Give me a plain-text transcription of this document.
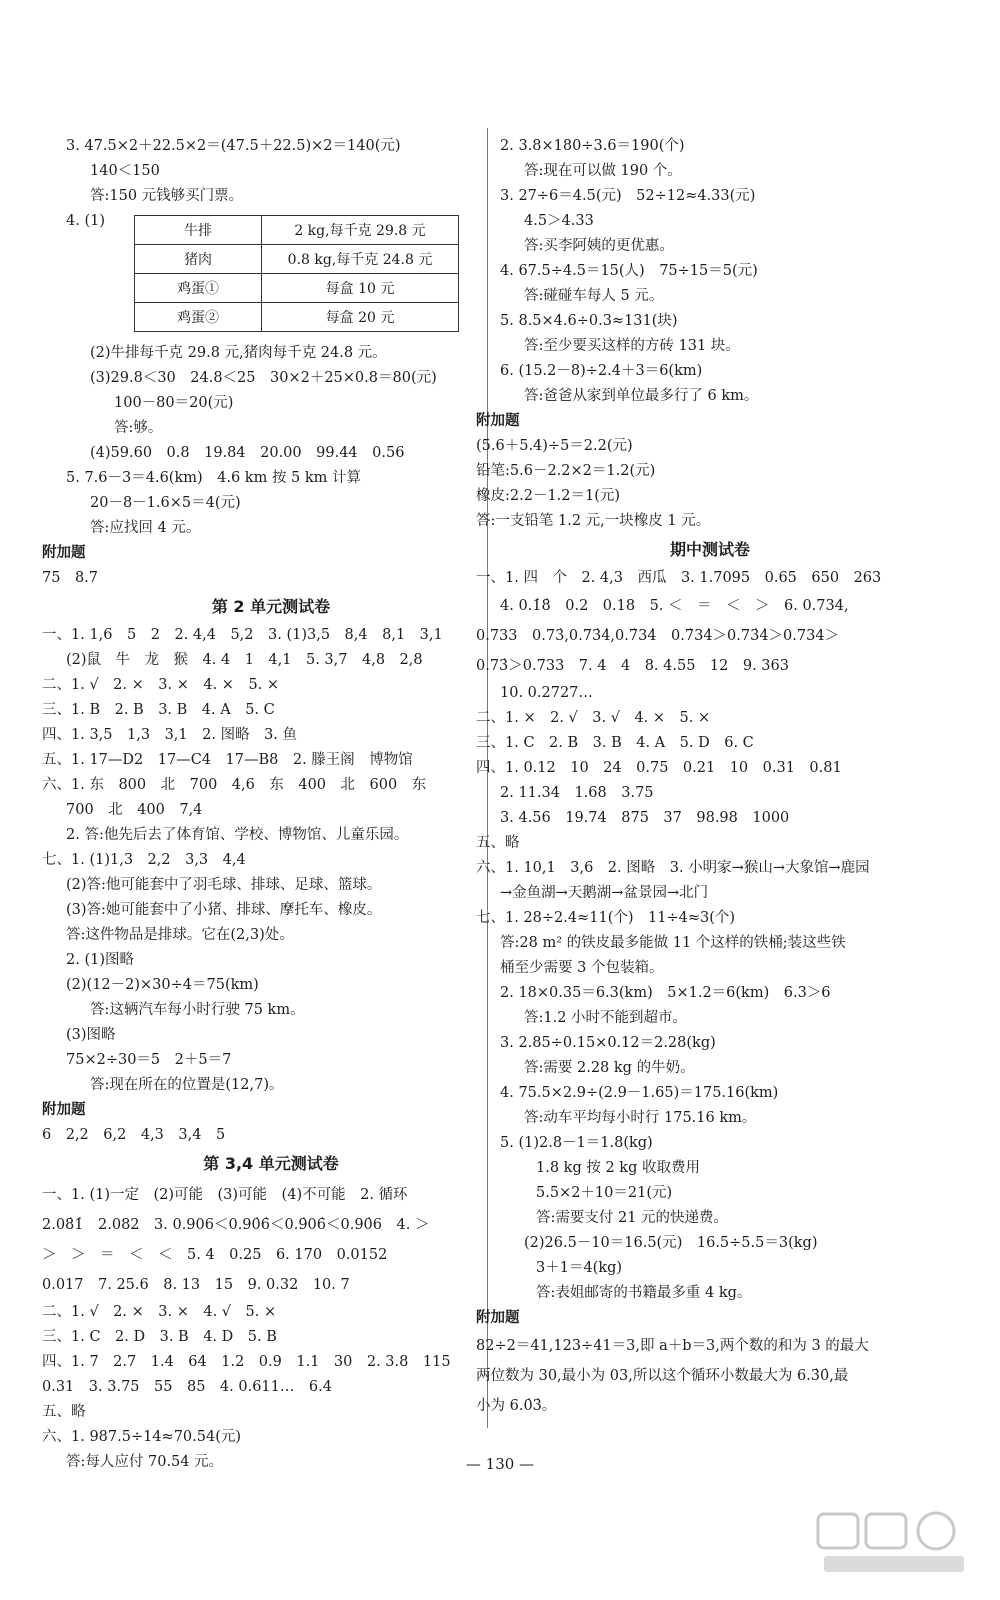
3. 47.5×2＋22.5×2＝(47.5＋22.5)×2＝140(元)
140＜150
答:150 元钱够买门票。
4. (1)
牛排	2 kg,每千克 29.8 元
猪肉	0.8 kg,每千克 24.8 元
鸡蛋①	每盒 10 元
鸡蛋②	每盒 20 元
(2)牛排每千克 29.8 元,猪肉每千克 24.8 元。
(3)29.8＜30　24.8＜25　30×2＋25×0.8＝80(元)
100－80＝20(元)
答:够。
(4)59.60　0.8　19.84　20.00　99.44　0.56
5. 7.6－3＝4.6(km)　4.6 km 按 5 km 计算
20－8－1.6×5＝4(元)
答:应找回 4 元。
附加题
75　8.7
第 2 单元测试卷
一、1. 1,6　5　2　2. 4,4　5,2　3. (1)3,5　8,4　8,1　3,1
(2)鼠　牛　龙　猴　4. 4　1　4,1　5. 3,7　4,8　2,8
二、1. √　2. ×　3. ×　4. ×　5. ×
三、1. B　2. B　3. B　4. A　5. C
四、1. 3,5　1,3　3,1　2. 图略　3. 鱼
五、1. 17—D2　17—C4　17—B8　2. 滕王阁　博物馆
六、1. 东　800　北　700　4,6　东　400　北　600　东
700　北　400　7,4
2. 答:他先后去了体育馆、学校、博物馆、儿童乐园。
七、1. (1)1,3　2,2　3,3　4,4
(2)答:他可能套中了羽毛球、排球、足球、篮球。
(3)答:她可能套中了小猪、排球、摩托车、橡皮。
答:这件物品是排球。它在(2,3)处。
2. (1)图略
(2)(12－2)×30÷4＝75(km)
答:这辆汽车每小时行驶 75 km。
(3)图略
75×2÷30＝5　2＋5＝7
答:现在所在的位置是(12,7)。
附加题
6　2,2　6,2　4,3　3,4　5
第 3,4 单元测试卷
一、1. (1)一定　(2)可能　(3)可能　(4)不可能　2. 循环
2.08̇1̇　2.082　3. 0.906＜0.90̇6̇＜0.9̇06̇＜0.90̇6　4. ＞
＞　＞　＝　＜　＜　5. 4　0.25　6. 170　0.0152
0.017　7. 25.6　8. 13　15　9. 0.32　10. 7
二、1. √　2. ×　3. ×　4. √　5. ×
三、1. C　2. D　3. B　4. D　5. B
四、1. 7　2.7　1.4　64　1.2　0.9　1.1　30　2. 3.8　115
0.31　3. 3.75　55　85　4. 0.611…　6.4
五、略
六、1. 987.5÷14≈70.54(元)
答:每人应付 70.54 元。
2. 3.8×180÷3.6＝190(个)
答:现在可以做 190 个。
3. 27÷6＝4.5(元)　52÷12≈4.33(元)
4.5＞4.33
答:买李阿姨的更优惠。
4. 67.5÷4.5＝15(人)　75÷15＝5(元)
答:碰碰车每人 5 元。
5. 8.5×4.6÷0.3≈131(块)
答:至少要买这样的方砖 131 块。
6. (15.2－8)÷2.4＋3＝6(km)
答:爸爸从家到单位最多行了 6 km。
附加题
(5.6＋5.4)÷5＝2.2(元)
铅笔:5.6－2.2×2＝1.2(元)
橡皮:2.2－1.2＝1(元)
答:一支铅笔 1.2 元,一块橡皮 1 元。
期中测试卷
一、1. 四　个　2. 4,3　西瓜　3. 1.7095　0.65　650　263
4. 0.1̇8̇　0.2　0.18　5. ＜　＝　＜　＞　6. 0.734,
0.733　0.73̇,0.73̇4̇,0.7̇34̇　0.7̇34̇＞0.73̇4̇＞0.734＞
0.73̇＞0.733　7. 4　4　8. 4.55　12　9. 363
10. 0.2727…
二、1. ×　2. √　3. √　4. ×　5. ×
三、1. C　2. B　3. B　4. A　5. D　6. C
四、1. 0.12　10　24　0.75　0.21　10　0.31　0.81
2. 11.34　1.68　3.75
3. 4.56　19.74　875　37　98.98　1000
五、略
六、1. 10,1　3,6　2. 图略　3. 小明家→猴山→大象馆→鹿园
→金鱼湖→天鹅湖→盆景园→北门
七、1. 28÷2.4≈11(个)　11÷4≈3(个)
答:28 m² 的铁皮最多能做 11 个这样的铁桶;装这些铁
桶至少需要 3 个包装箱。
2. 18×0.35＝6.3(km)　5×1.2＝6(km)　6.3＞6
答:1.2 小时不能到超市。
3. 2.85÷0.15×0.12＝2.28(kg)
答:需要 2.28 kg 的牛奶。
4. 75.5×2.9÷(2.9－1.65)＝175.16(km)
答:动车平均每小时行 175.16 km。
5. (1)2.8－1＝1.8(kg)
1.8 kg 按 2 kg 收取费用
5.5×2＋10＝21(元)
答:需要支付 21 元的快递费。
(2)26.5－10＝16.5(元)　16.5÷5.5＝3(kg)
3＋1＝4(kg)
答:表姐邮寄的书籍最多重 4 kg。
附加题
82÷2＝41,123÷41＝3,即 a＋b＝3,两个数的和为 3 的最大
两位数为 30,最小为 03,所以这个循环小数最大为 6.3̇0̇,最
小为 6.0̇3̇。
— 130 —
